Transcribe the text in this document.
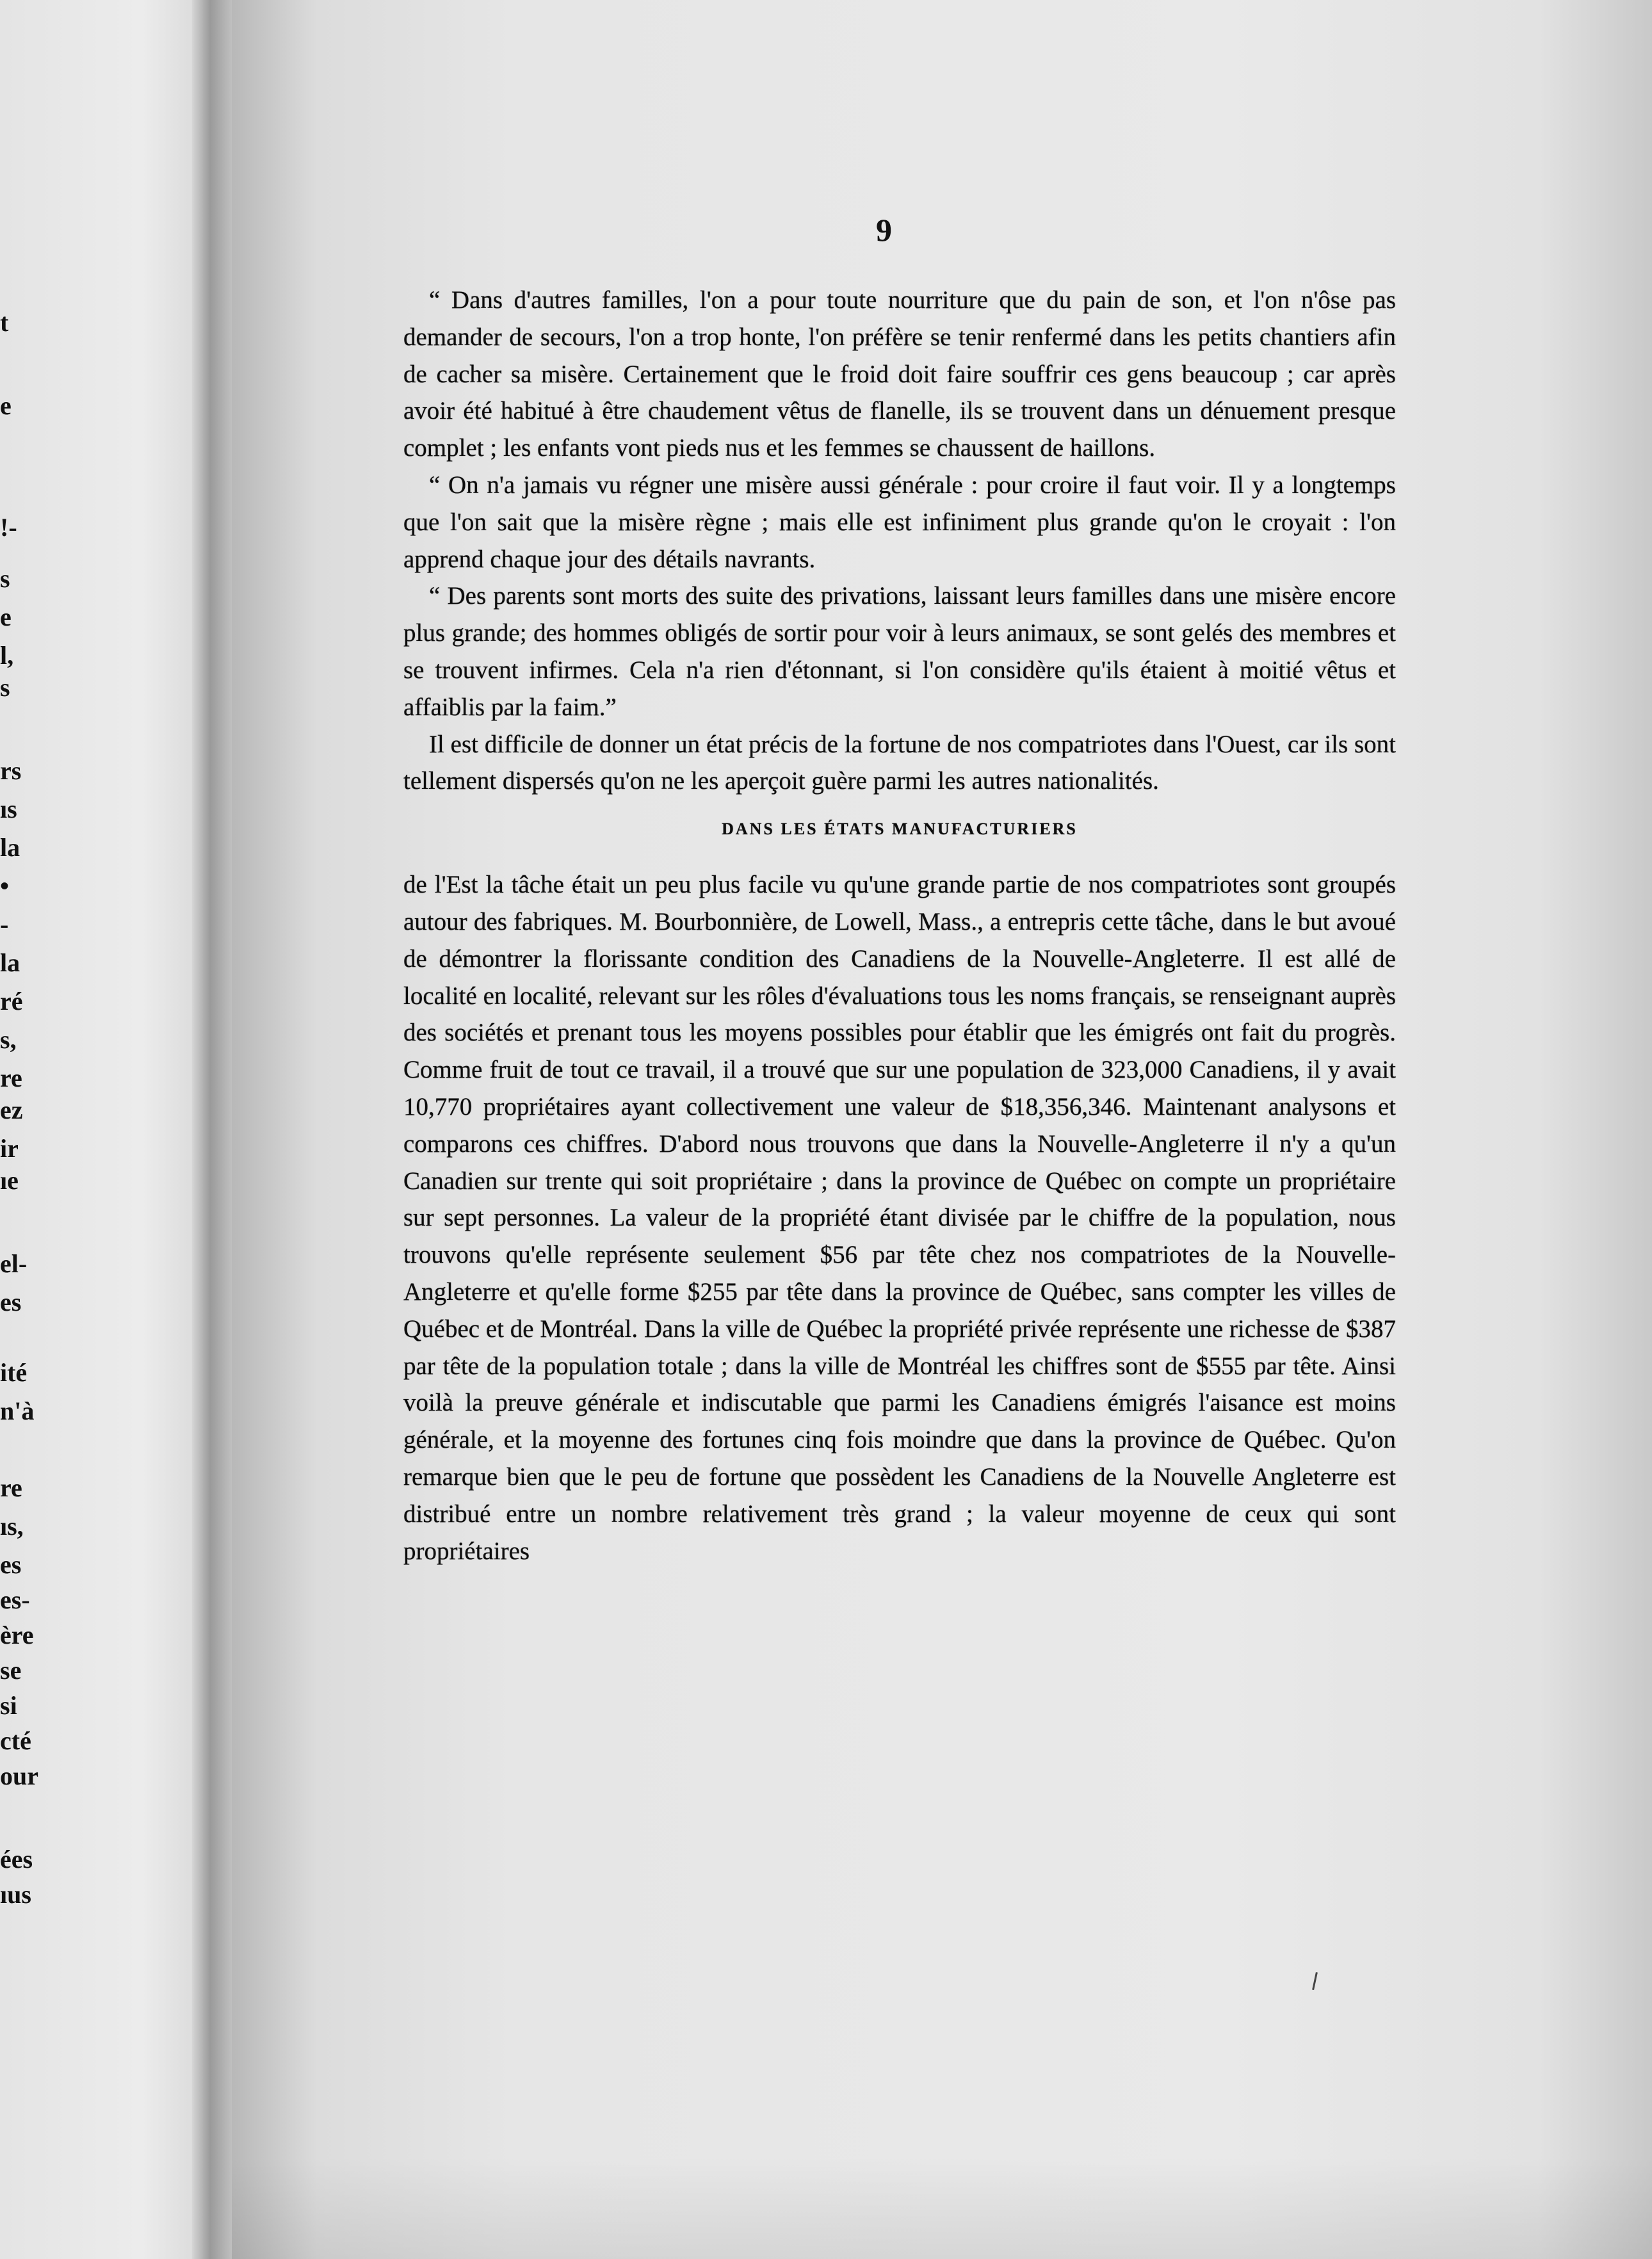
t
e
!-
s
e
l,
s
rs
ıs
la
•
-
la
ré
s,
re
ez
ir
ıe
el-
es
ité
n'à
re
ıs,
es
es-
ère
se
si
cté
our
ées
ıus
9

“ Dans d'autres familles, l'on a pour toute nourriture que du pain de son, et l'on n'ôse pas demander de secours, l'on a trop honte, l'on préfère se tenir renfermé dans les petits chantiers afin de cacher sa misère. Certainement que le froid doit faire souffrir ces gens beaucoup ; car après avoir été habitué à être chaudement vêtus de flanelle, ils se trouvent dans un dénuement presque complet ; les enfants vont pieds nus et les femmes se chaussent de haillons.

“ On n'a jamais vu régner une misère aussi générale : pour croire il faut voir. Il y a longtemps que l'on sait que la misère règne ; mais elle est infiniment plus grande qu'on le croyait : l'on apprend chaque jour des détails navrants.

“ Des parents sont morts des suite des privations, laissant leurs familles dans une misère encore plus grande; des hommes obligés de sortir pour voir à leurs animaux, se sont gelés des membres et se trouvent infirmes. Cela n'a rien d'étonnant, si l'on considère qu'ils étaient à moitié vêtus et affaiblis par la faim.”

Il est difficile de donner un état précis de la fortune de nos compatriotes dans l'Ouest, car ils sont tellement dispersés qu'on ne les aperçoit guère parmi les autres nationalités.

DANS LES ÉTATS MANUFACTURIERS

de l'Est la tâche était un peu plus facile vu qu'une grande partie de nos compatriotes sont groupés autour des fabriques. M. Bourbonnière, de Lowell, Mass., a entrepris cette tâche, dans le but avoué de démontrer la florissante condition des Canadiens de la Nouvelle-Angleterre. Il est allé de localité en localité, relevant sur les rôles d'évaluations tous les noms français, se renseignant auprès des sociétés et prenant tous les moyens possibles pour établir que les émigrés ont fait du progrès. Comme fruit de tout ce travail, il a trouvé que sur une population de 323,000 Canadiens, il y avait 10,770 propriétaires ayant collectivement une valeur de $18,356,346. Maintenant analysons et comparons ces chiffres. D'abord nous trouvons que dans la Nouvelle-Angleterre il n'y a qu'un Canadien sur trente qui soit propriétaire ; dans la province de Québec on compte un propriétaire sur sept personnes. La valeur de la propriété étant divisée par le chiffre de la population, nous trouvons qu'elle représente seulement $56 par tête chez nos compatriotes de la Nouvelle-Angleterre et qu'elle forme $255 par tête dans la province de Québec, sans compter les villes de Québec et de Montréal. Dans la ville de Québec la propriété privée représente une richesse de $387 par tête de la population totale ; dans la ville de Montréal les chiffres sont de $555 par tête. Ainsi voilà la preuve générale et indiscutable que parmi les Canadiens émigrés l'aisance est moins générale, et la moyenne des fortunes cinq fois moindre que dans la province de Québec. Qu'on remarque bien que le peu de fortune que possèdent les Canadiens de la Nouvelle Angleterre est distribué entre un nombre relativement très grand ; la valeur moyenne de ceux qui sont propriétaires
